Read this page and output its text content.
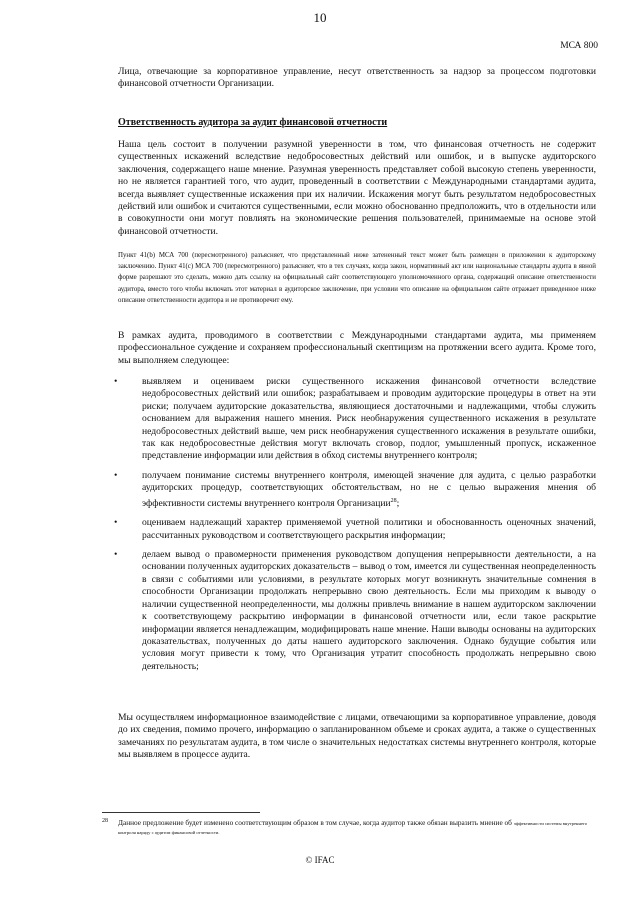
10
МСА 800

Лица, отвечающие за корпоративное управление, несут ответственность за надзор за процессом подготовки финансовой отчетности Организации.

Ответственность аудитора за аудит финансовой отчетности

Наша цель состоит в получении разумной уверенности в том, что финансовая отчетность не содержит существенных искажений вследствие недобросовестных действий или ошибок, и в выпуске аудиторского заключения, содержащего наше мнение. Разумная уверенность представляет собой высокую степень уверенности, но не является гарантией того, что аудит, проведенный в соответствии с Международными стандартами аудита, всегда выявляет существенные искажения при их наличии. Искажения могут быть результатом недобросовестных действий или ошибок и считаются существенными, если можно обоснованно предположить, что в отдельности или в совокупности они могут повлиять на экономические решения пользователей, принимаемые на основе этой финансовой отчетности.

Пункт 41(b) МСА 700 (пересмотренного) разъясняет, что представленный ниже затененный текст может быть размещен в приложении к аудиторскому заключению. Пункт 41(c) МСА 700 (пересмотренного) разъясняет, что в тех случаях, когда закон, нормативный акт или национальные стандарты аудита в явной форме разрешают это сделать, можно дать ссылку на официальный сайт соответствующего уполномоченного органа, содержащий описание ответственности аудитора, вместо того чтобы включать этот материал в аудиторское заключение, при условии что описание на официальном сайте отражает приведенное ниже описание ответственности аудитора и не противоречит ему.

В рамках аудита, проводимого в соответствии с Международными стандартами аудита, мы применяем профессиональное суждение и сохраняем профессиональный скептицизм на протяжении всего аудита. Кроме того, мы выполняем следующее:

•	выявляем и оцениваем риски существенного искажения финансовой отчетности вследствие недобросовестных действий или ошибок; разрабатываем и проводим аудиторские процедуры в ответ на эти риски; получаем аудиторские доказательства, являющиеся достаточными и надлежащими, чтобы служить основанием для выражения нашего мнения. Риск необнаружения существенного искажения в результате недобросовестных действий выше, чем риск необнаружения существенного искажения в результате ошибки, так как недобросовестные действия могут включать сговор, подлог, умышленный пропуск, искаженное представление информации или действия в обход системы внутреннего контроля;

•	получаем понимание системы внутреннего контроля, имеющей значение для аудита, с целью разработки аудиторских процедур, соответствующих обстоятельствам, но не с целью выражения мнения об эффективности системы внутреннего контроля Организации$^{28}$;

•	оцениваем надлежащий характер применяемой учетной политики и обоснованность оценочных значений, рассчитанных руководством и соответствующего раскрытия информации;

•	делаем вывод о правомерности применения руководством допущения непрерывности деятельности, а на основании полученных аудиторских доказательств – вывод о том, имеется ли существенная неопределенность в связи с событиями или условиями, в результате которых могут возникнуть значительные сомнения в способности Организации продолжать непрерывно свою деятельность. Если мы приходим к выводу о наличии существенной неопределенности, мы должны привлечь внимание в нашем аудиторском заключении к соответствующему раскрытию информации в финансовой отчетности или, если такое раскрытие информации является ненадлежащим, модифицировать наше мнение. Наши выводы основаны на аудиторских доказательствах, полученных до даты нашего аудиторского заключения. Однако будущие события или условия могут привести к тому, что Организация утратит способность продолжать непрерывно свою деятельность;

Мы осуществляем информационное взаимодействие с лицами, отвечающими за корпоративное управление, доводя до их сведения, помимо прочего, информацию о запланированном объеме и сроках аудита, а также о существенных замечаниях по результатам аудита, в том числе о значительных недостатках системы внутреннего контроля, которые мы выявляем в процессе аудита.

28 Данное предложение будет изменено соответствующим образом в том случае, когда аудитор также обязан выразить мнение об эффективности системы внутреннего контроля наряду с аудитом финансовой отчетности.
© IFAC
